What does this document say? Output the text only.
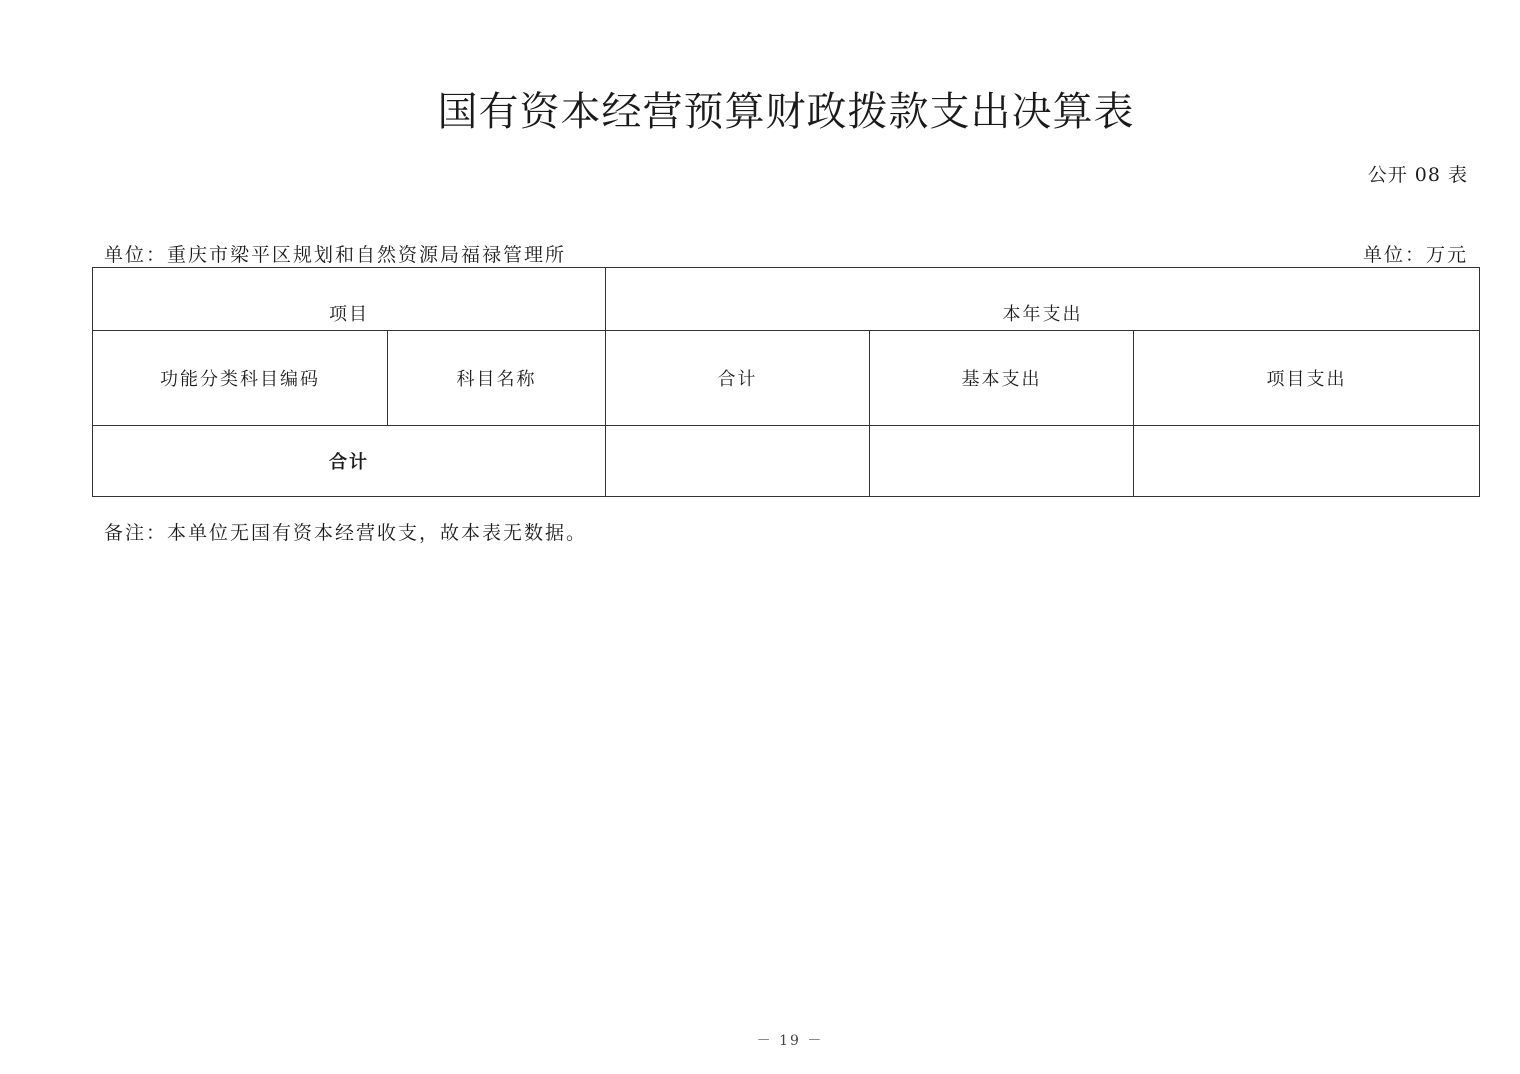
国有资本经营预算财政拨款支出决算表
公开 08 表
单位：重庆市梁平区规划和自然资源局福禄管理所	单位：万元
项目		本年支出		
功能分类科目编码	科目名称	合计	基本支出	项目支出
合计				
备注：本单位无国有资本经营收支，故本表无数据。
－ 19 －
